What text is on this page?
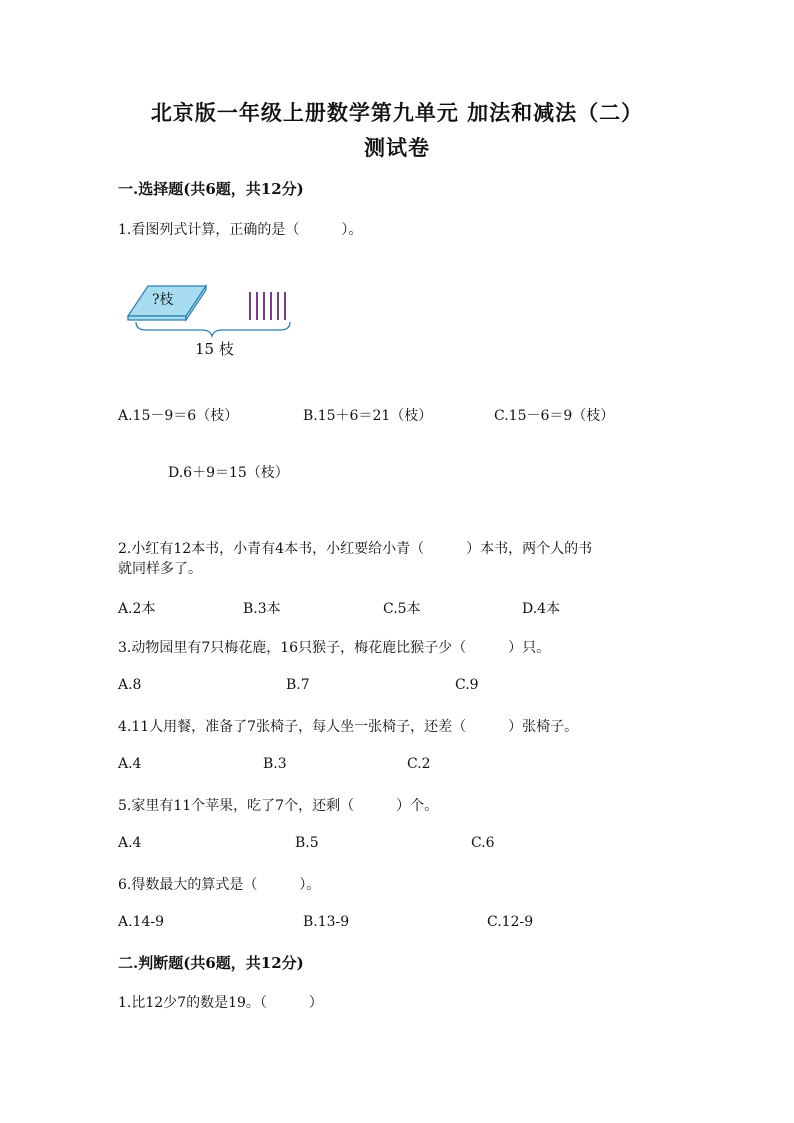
北京版一年级上册数学第九单元 加法和减法（二）
测试卷
一.选择题(共6题，共12分)
1.看图列式计算，正确的是（　　　）。
?枝
15 枝
A.15－9＝6（枝）	B.15＋6＝21（枝）	C.15－6＝9（枝）
D.6＋9＝15（枝）
2.小红有12本书，小青有4本书，小红要给小青（　　　）本书，两个人的书
就同样多了。
A.2本	B.3本	C.5本	D.4本
3.动物园里有7只梅花鹿，16只猴子，梅花鹿比猴子少（　　　）只。
A.8	B.7	C.9
4.11人用餐，准备了7张椅子，每人坐一张椅子，还差（　　　）张椅子。
A.4	B.3	C.2
5.家里有11个苹果，吃了7个，还剩（　　　）个。
A.4	B.5	C.6
6.得数最大的算式是（　　　）。
A.14-9	B.13-9	C.12-9
二.判断题(共6题，共12分)
1.比12少7的数是19。（　　　）
